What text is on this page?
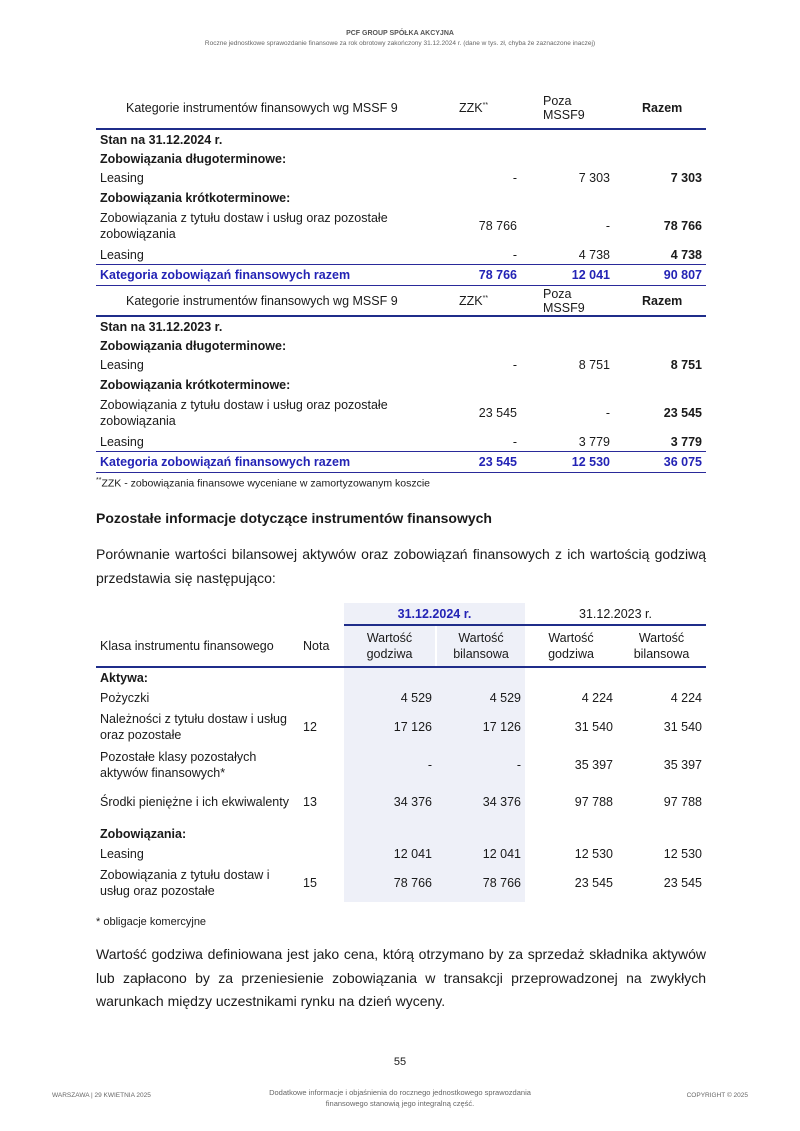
PCF GROUP SPÓŁKA AKCYJNA
Roczne jednostkowe sprawozdanie finansowe za rok obrotowy zakończony 31.12.2024 r. (dane w tys. zł, chyba że zaznaczone inaczej)
Kategorie instrumentów finansowych wg MSSF 9	ZZK**	Poza MSSF9	Razem
Stan na 31.12.2024 r.			
Zobowiązania długoterminowe:			
Leasing	-	7 303	7 303
Zobowiązania krótkoterminowe:			
Zobowiązania z tytułu dostaw i usług oraz pozostałe zobowiązania	78 766	-	78 766
Leasing	-	4 738	4 738
Kategoria zobowiązań finansowych razem	78 766	12 041	90 807
Kategorie instrumentów finansowych wg MSSF 9	ZZK**	Poza MSSF9	Razem
Stan na 31.12.2023 r.			
Zobowiązania długoterminowe:			
Leasing	-	8 751	8 751
Zobowiązania krótkoterminowe:			
Zobowiązania z tytułu dostaw i usług oraz pozostałe zobowiązania	23 545	-	23 545
Leasing	-	3 779	3 779
Kategoria zobowiązań finansowych razem	23 545	12 530	36 075
**ZZK - zobowiązania finansowe wyceniane w zamortyzowanym koszcie
Pozostałe informacje dotyczące instrumentów finansowych
Porównanie wartości bilansowej aktywów oraz zobowiązań finansowych z ich wartością godziwą przedstawia się następująco:
		31.12.2024 r.		31.12.2023 r.	
Klasa instrumentu finansowego	Nota	Wartość godziwa	Wartość bilansowa	Wartość godziwa	Wartość bilansowa
Aktywa:					
Pożyczki		4 529	4 529	4 224	4 224
Należności z tytułu dostaw i usług oraz pozostałe	12	17 126	17 126	31 540	31 540
Pozostałe klasy pozostałych aktywów finansowych*		-	-	35 397	35 397

Środki pieniężne i ich ekwiwalenty	13	34 376	34 376	97 788	97 788

Zobowiązania:					
Leasing		12 041	12 041	12 530	12 530
Zobowiązania z tytułu dostaw i usług oraz pozostałe	15	78 766	78 766	23 545	23 545
* obligacje komercyjne
Wartość godziwa definiowana jest jako cena, którą otrzymano by za sprzedaż składnika aktywów lub zapłacono by za przeniesienie zobowiązania w transakcji przeprowadzonej na zwykłych warunkach między uczestnikami rynku na dzień wyceny.
55
WARSZAWA | 29 KWIETNIA 2025	Dodatkowe informacje i objaśnienia do rocznego jednostkowego sprawozdania finansowego stanowią jego integralną część.
COPYRIGHT © 2025
